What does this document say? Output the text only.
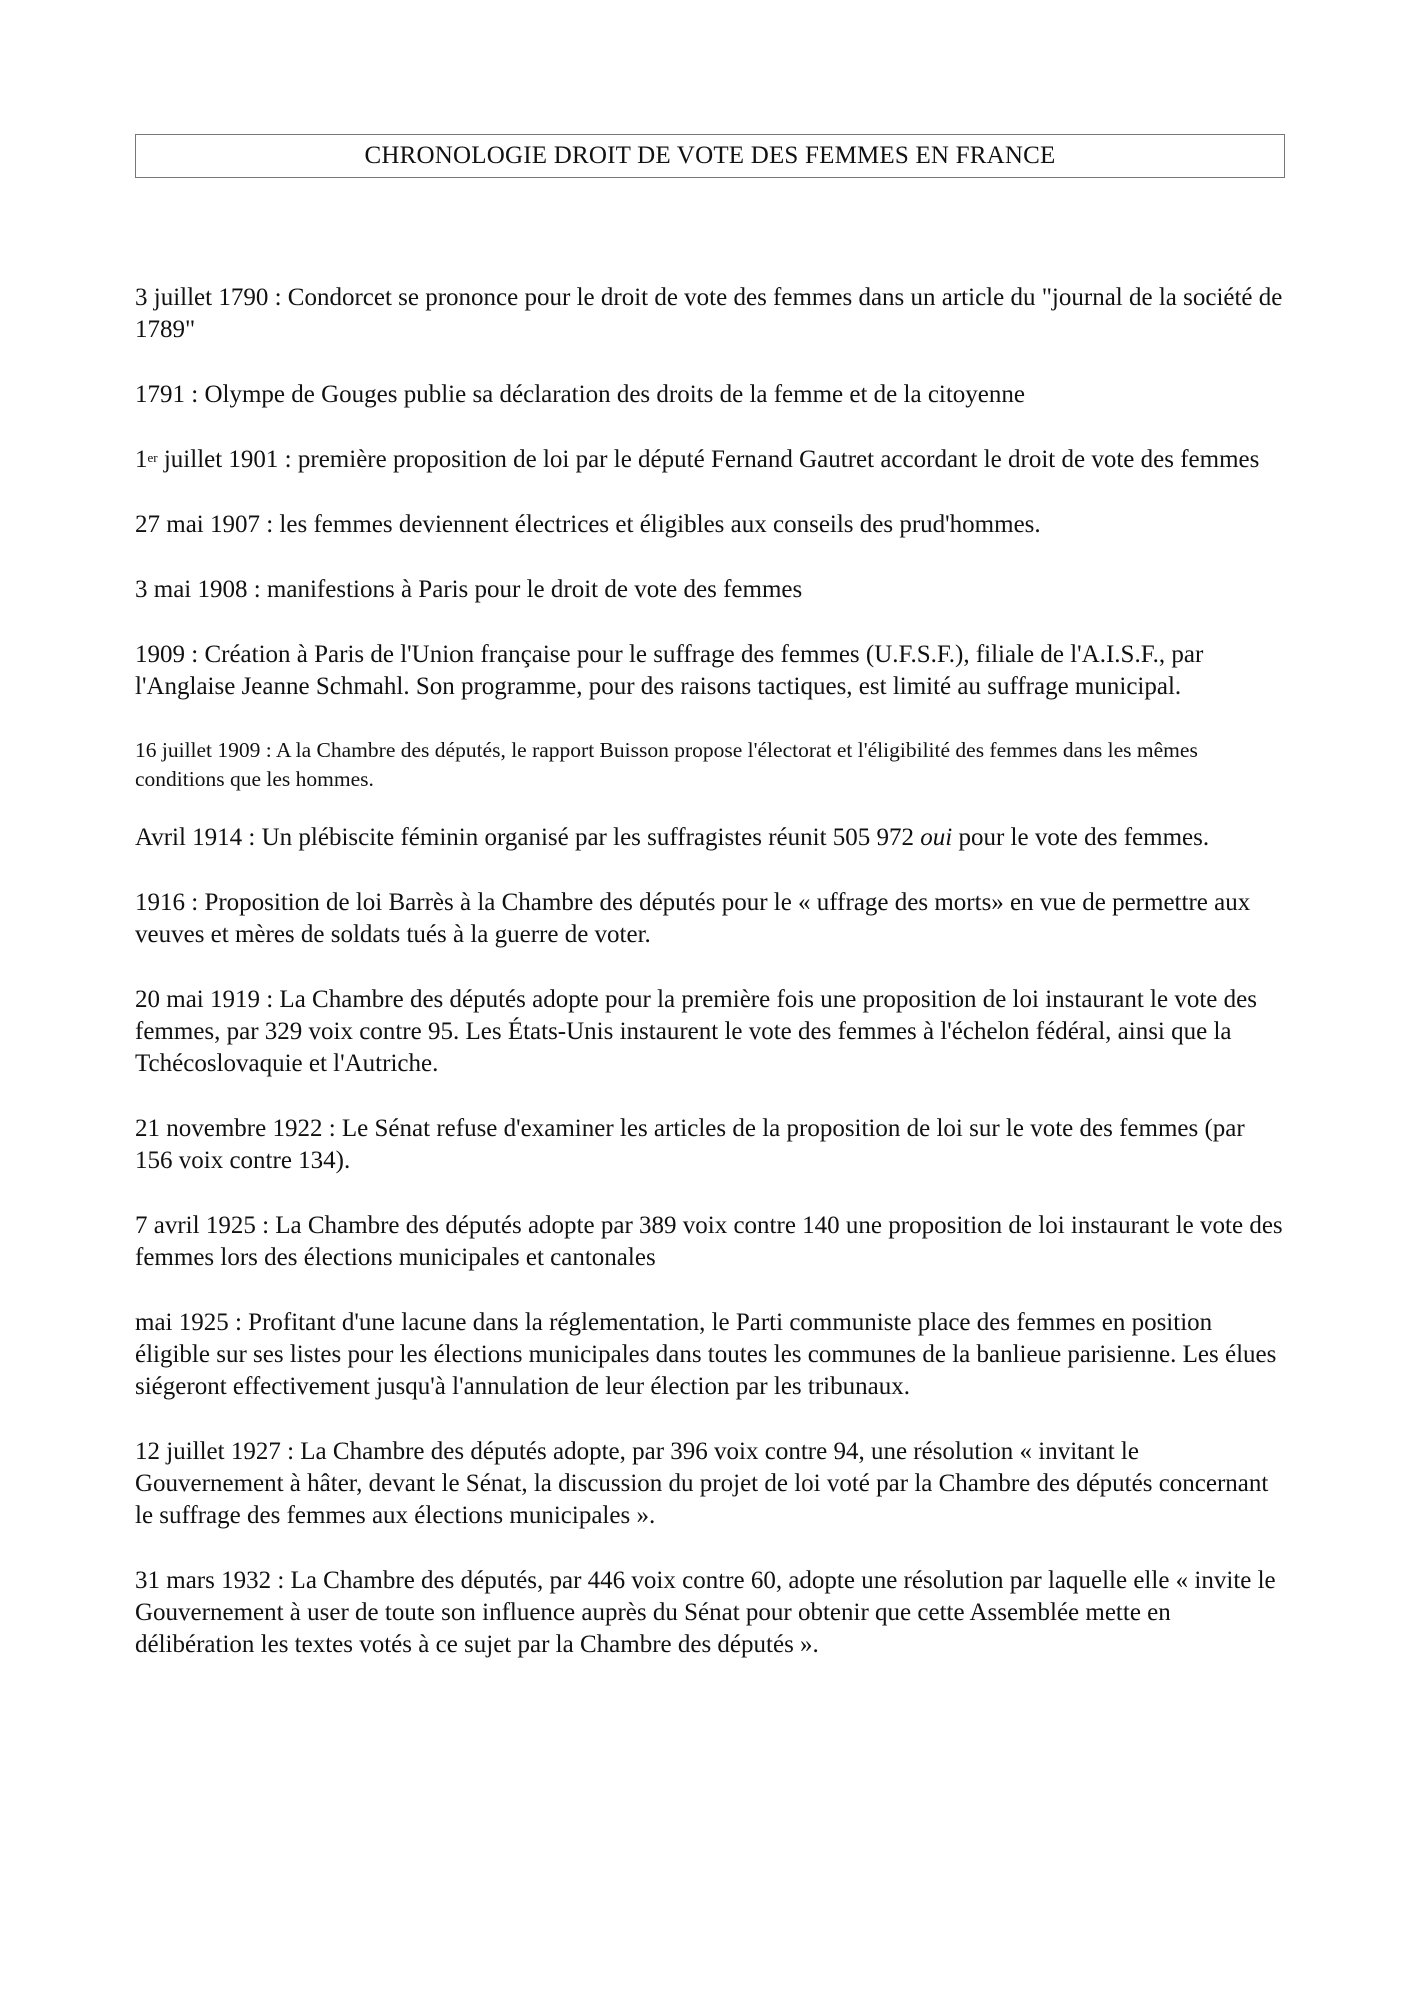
CHRONOLOGIE DROIT DE VOTE DES FEMMES EN FRANCE

3 juillet 1790 : Condorcet se prononce pour le droit de vote des femmes dans un article du "journal de la société de 1789"

1791 : Olympe de Gouges publie sa déclaration des droits de la femme et de la citoyenne

1er juillet 1901 : première proposition de loi par le député Fernand Gautret accordant le droit de vote des femmes

27 mai 1907 : les femmes deviennent électrices et éligibles aux conseils des prud'hommes.

3 mai 1908 : manifestions à Paris pour le droit de vote des femmes

1909 : Création à Paris de l'Union française pour le suffrage des femmes (U.F.S.F.), filiale de l'A.I.S.F., par l'Anglaise Jeanne Schmahl. Son programme, pour des raisons tactiques, est limité au suffrage municipal.

16 juillet 1909 : A la Chambre des députés, le rapport Buisson propose l'électorat et l'éligibilité des femmes dans les mêmes conditions que les hommes.

Avril 1914 : Un plébiscite féminin organisé par les suffragistes réunit 505 972 oui pour le vote des femmes.

1916 : Proposition de loi Barrès à la Chambre des députés pour le « uffrage des morts» en vue de permettre aux veuves et mères de soldats tués à la guerre de voter.

20 mai 1919 : La Chambre des députés adopte pour la première fois une proposition de loi instaurant le vote des femmes, par 329 voix contre 95. Les États-Unis instaurent le vote des femmes à l'échelon fédéral, ainsi que la Tchécoslovaquie et l'Autriche.

21 novembre 1922 : Le Sénat refuse d'examiner les articles de la proposition de loi sur le vote des femmes (par 156 voix contre 134).

7 avril 1925 : La Chambre des députés adopte par 389 voix contre 140 une proposition de loi instaurant le vote des femmes lors des élections municipales et cantonales

mai 1925 : Profitant d'une lacune dans la réglementation, le Parti communiste place des femmes en position éligible sur ses listes pour les élections municipales dans toutes les communes de la banlieue parisienne. Les élues siégeront effectivement jusqu'à l'annulation de leur élection par les tribunaux.

12 juillet 1927 : La Chambre des députés adopte, par 396 voix contre 94, une résolution « invitant le Gouvernement à hâter, devant le Sénat, la discussion du projet de loi voté par la Chambre des députés concernant le suffrage des femmes aux élections municipales ».

31 mars 1932 : La Chambre des députés, par 446 voix contre 60, adopte une résolution par laquelle elle « invite le Gouvernement à user de toute son influence auprès du Sénat pour obtenir que cette Assemblée mette en délibération les textes votés à ce sujet par la Chambre des députés ».
